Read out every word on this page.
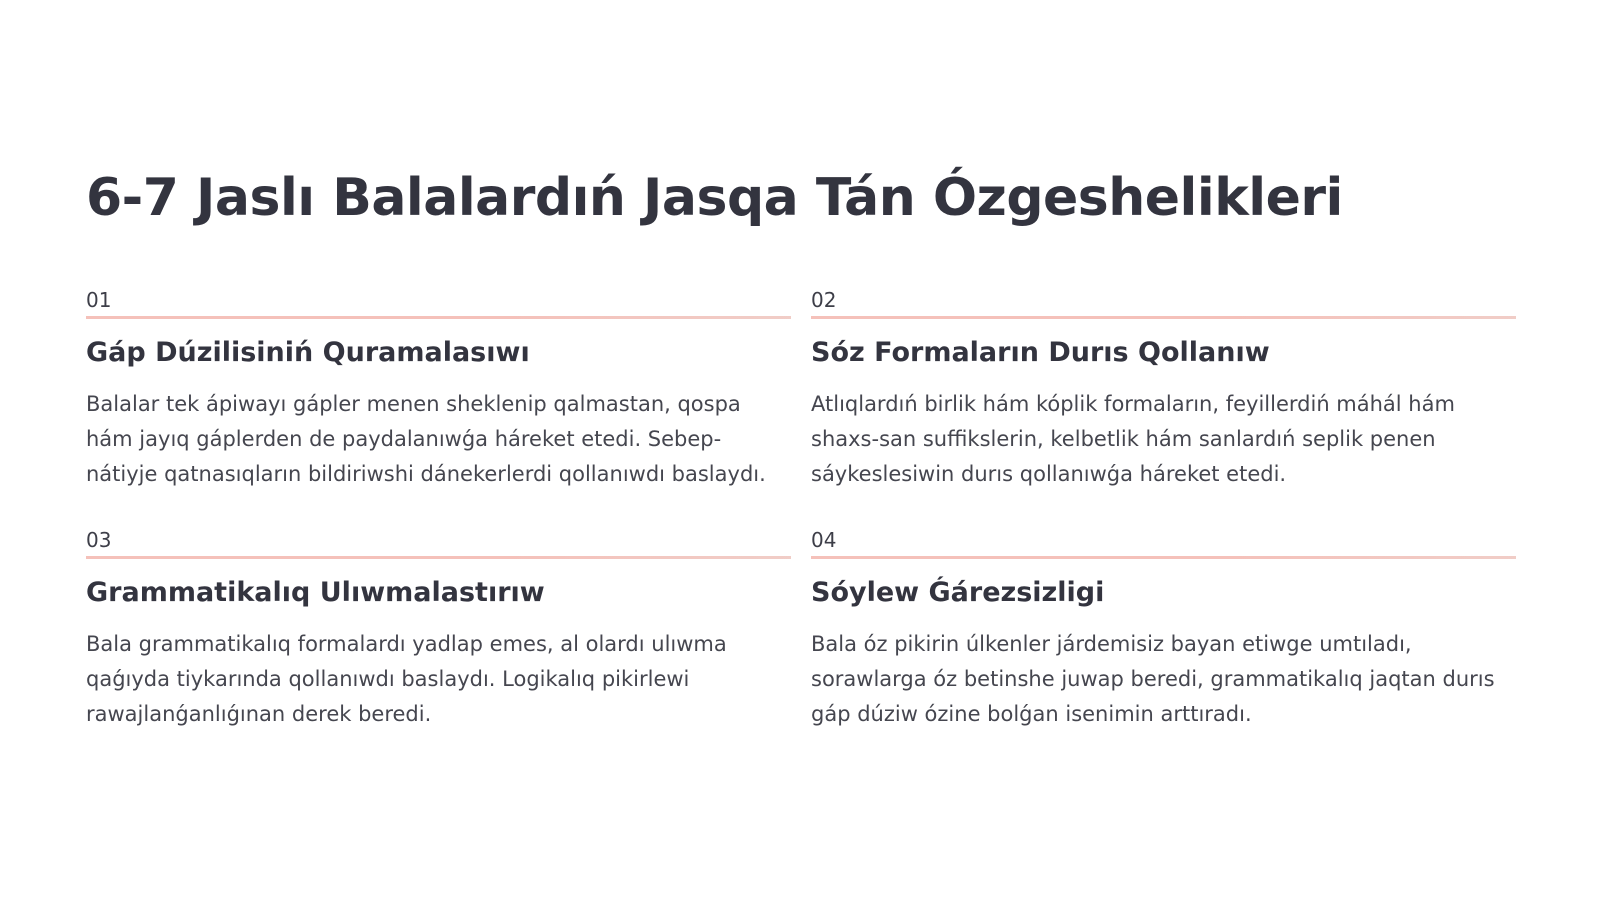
6-7 Jaslı Balalardıń Jasqa Tán Ózgeshelikleri
01
Gáp Dúzilisiniń Quramalasıwı
Balalar tek ápiwayı gápler menen sheklenip qalmastan, qospa hám jayıq gáplerden de paydalanıwǵa háreket etedi. Sebep-nátiyje qatnasıqların bildiriwshi dánekerlerdi qollanıwdı baslaydı.
02
Sóz Formaların Durıs Qollanıw
Atlıqlardıń birlik hám kóplik formaların, feyillerdiń máhál hám shaxs-san suffikslerin, kelbetlik hám sanlardıń seplik penen sáykeslesiwin durıs qollanıwǵa háreket etedi.
03
Grammatikalıq Ulıwmalastırıw
Bala grammatikalıq formalardı yadlap emes, al olardı ulıwma qaǵıyda tiykarında qollanıwdı baslaydı. Logikalıq pikirlewi rawajlanǵanlıǵınan derek beredi.
04
Sóylew Ǵárezsizligi
Bala óz pikirin úlkenler járdemisiz bayan etiwge umtıladı, sorawlarga óz betinshe juwap beredi, grammatikalıq jaqtan durıs gáp dúziw ózine bolǵan isenimin arttıradı.
